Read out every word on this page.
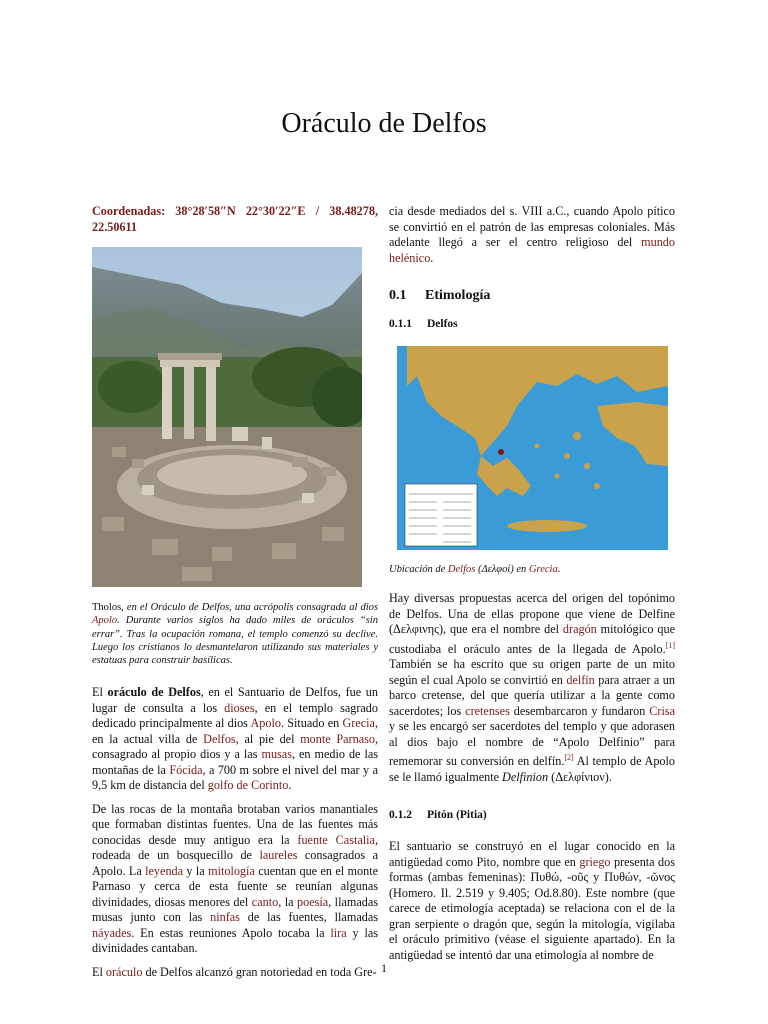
Oráculo de Delfos
Coordenadas: 38°28′58″N 22°30′22″E / 38.48278, 22.50611

Tholos, en el Oráculo de Delfos, una acrópolis consagrada al dios Apolo. Durante varios siglos ha dado miles de oráculos “sin errar”. Tras la ocupación romana, el templo comenzó su declive. Luego los cristianos lo desmantelaron utilizando sus materiales y estatuas para construir basílicas.

El oráculo de Delfos, en el Santuario de Delfos, fue un lugar de consulta a los dioses, en el templo sagrado dedicado principalmente al dios Apolo. Situado en Grecia, en la actual villa de Delfos, al pie del monte Parnaso, consagrado al propio dios y a las musas, en medio de las montañas de la Fócida, a 700 m sobre el nivel del mar y a 9,5 km de distancia del golfo de Corinto.

De las rocas de la montaña brotaban varios manantiales que formaban distintas fuentes. Una de las fuentes más conocidas desde muy antiguo era la fuente Castalia, rodeada de un bosquecillo de laureles consagrados a Apolo. La leyenda y la mitología cuentan que en el monte Parnaso y cerca de esta fuente se reunían algunas divinidades, diosas menores del canto, la poesía, llamadas musas junto con las ninfas de las fuentes, llamadas náyades. En estas reuniones Apolo tocaba la lira y las divinidades cantaban.

El oráculo de Delfos alcanzó gran notoriedad en toda Gre-

cia desde mediados del s. VIII a.C., cuando Apolo pítico se convirtió en el patrón de las empresas coloniales. Más adelante llegó a ser el centro religioso del mundo helénico.

0.1 Etimología
0.1.1 Delfos
Ubicación de Delfos (Δελφοί) en Grecia.

Hay diversas propuestas acerca del origen del topónimo de Delfos. Una de ellas propone que viene de Delfine (Δελφινης), que era el nombre del dragón mitológico que custodiaba el oráculo antes de la llegada de Apolo.[1] También se ha escrito que su origen parte de un mito según el cual Apolo se convirtió en delfín para atraer a un barco cretense, del que quería utilizar a la gente como sacerdotes; los cretenses desembarcaron y fundaron Crisa y se les encargó ser sacerdotes del templo y que adorasen al dios bajo el nombre de “Apolo Delfinio” para rememorar su conversión en delfín.[2] Al templo de Apolo se le llamó igualmente Delfinion (Δελφίνιον).

0.1.2 Pitón (Pitia)

El santuario se construyó en el lugar conocido en la antigüedad como Pito, nombre que en griego presenta dos formas (ambas femeninas): Πυθώ, -οῦς y Πυθών, -ῶνος (Homero. Il. 2.519 y 9.405; Od.8.80). Este nombre (que carece de etimología aceptada) se relaciona con el de la gran serpiente o dragón que, según la mitología, vigilaba el oráculo primitivo (véase el siguiente apartado). En la antigüedad se intentó dar una etimología al nombre de

1
